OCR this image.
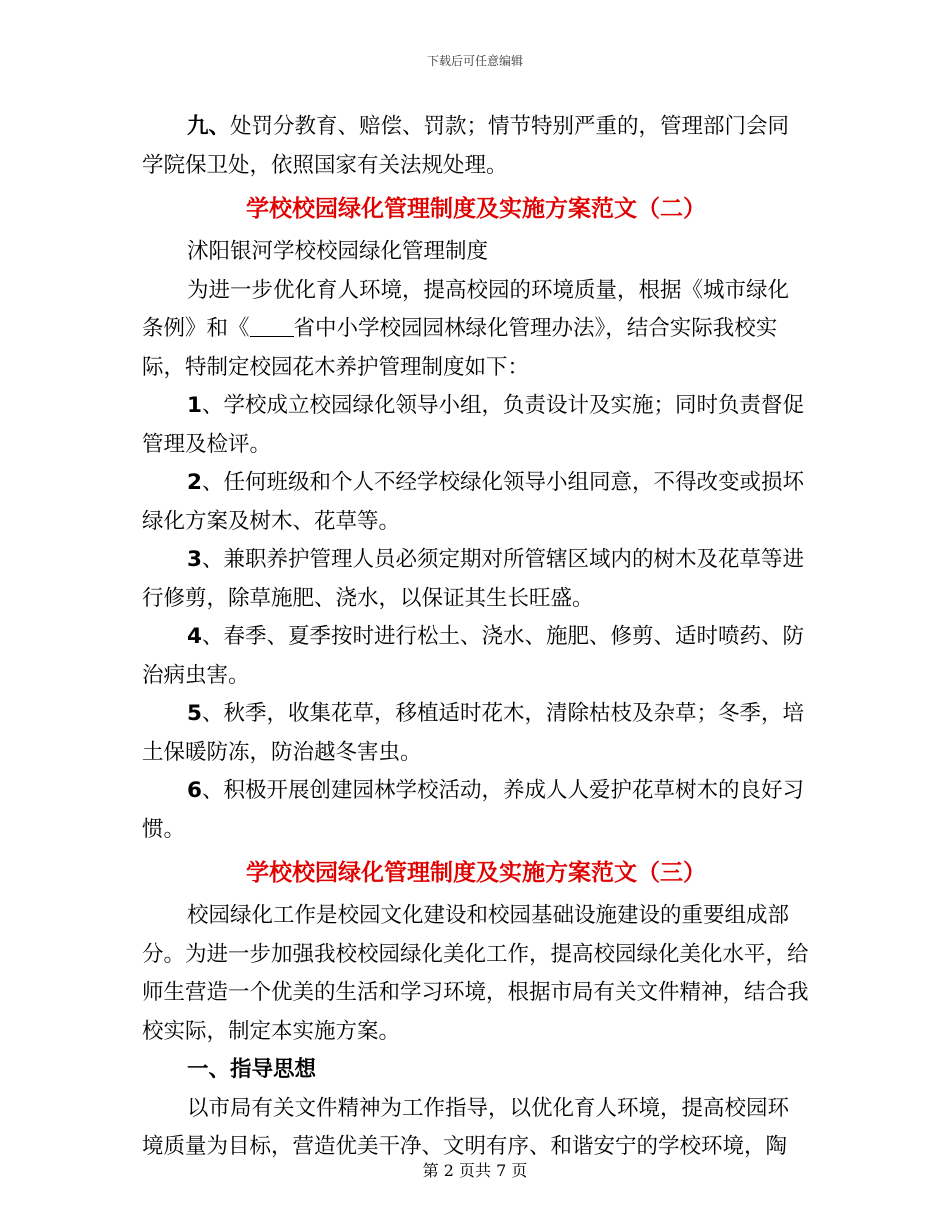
下载后可任意编辑

九、处罚分教育、赔偿、罚款；情节特别严重的，管理部门会同学院保卫处，依照国家有关法规处理。

学校校园绿化管理制度及实施方案范文（二）

沭阳银河学校校园绿化管理制度

为进一步优化育人环境，提高校园的环境质量，根据《城市绿化条例》和《 省中小学校园园林绿化管理办法》，结合实际我校实际，特制定校园花木养护管理制度如下：

1、学校成立校园绿化领导小组，负责设计及实施；同时负责督促管理及检评。

2、任何班级和个人不经学校绿化领导小组同意，不得改变或损坏绿化方案及树木、花草等。

3、兼职养护管理人员必须定期对所管辖区域内的树木及花草等进行修剪，除草施肥、浇水，以保证其生长旺盛。

4、春季、夏季按时进行松土、浇水、施肥、修剪、适时喷药、防治病虫害。

5、秋季，收集花草，移植适时花木，清除枯枝及杂草；冬季，培土保暖防冻，防治越冬害虫。

6、积极开展创建园林学校活动，养成人人爱护花草树木的良好习惯。

学校校园绿化管理制度及实施方案范文（三）

校园绿化工作是校园文化建设和校园基础设施建设的重要组成部分。为进一步加强我校校园绿化美化工作，提高校园绿化美化水平，给师生营造一个优美的生活和学习环境，根据市局有关文件精神，结合我校实际，制定本实施方案。

一、指导思想

以市局有关文件精神为工作指导，以优化育人环境，提高校园环境质量为目标，营造优美干净、文明有序、和谐安宁的学校环境，陶

第 2 页共 7 页
